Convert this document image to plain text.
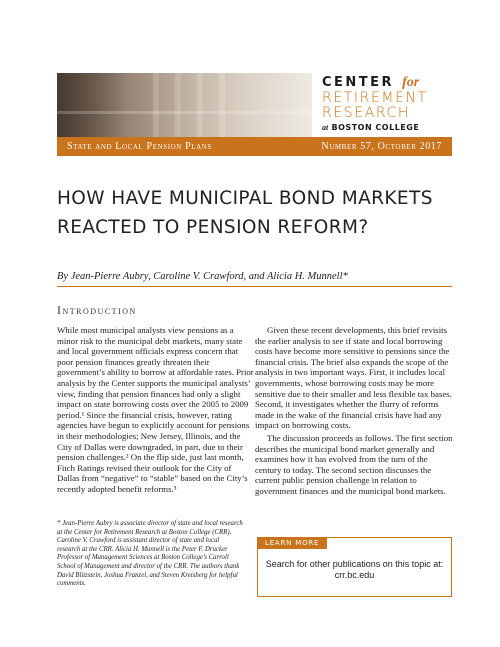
CENTER for
RETIREMENT
RESEARCH
at BOSTON COLLEGE
State and Local Pension Plans	Number 57, October 2017
HOW HAVE MUNICIPAL BOND MARKETS REACTED TO PENSION REFORM?
By Jean-Pierre Aubry, Caroline V. Crawford, and Alicia H. Munnell*
Introduction

While most municipal analysts view pensions as a minor risk to the municipal debt markets, many state and local government officials express concern that poor pension finances greatly threaten their government’s ability to borrow at affordable rates. Prior analysis by the Center supports the municipal analysts’ view, finding that pension finances had only a slight impact on state borrowing costs over the 2005 to 2009 period.¹ Since the financial crisis, however, rating agencies have begun to explicitly account for pensions in their methodologies; New Jersey, Illinois, and the City of Dallas were downgraded, in part, due to their pension challenges.² On the flip side, just last month, Fitch Ratings revised their outlook for the City of Dallas from “negative” to “stable” based on the City’s recently adopted benefit reforms.³

Given these recent developments, this brief revisits the earlier analysis to see if state and local borrowing costs have become more sensitive to pensions since the financial crisis. The brief also expands the scope of the analysis in two important ways. First, it includes local governments, whose borrowing costs may be more sensitive due to their smaller and less flexible tax bases. Second, it investigates whether the flurry of reforms made in the wake of the financial crisis have had any impact on borrowing costs.

The discussion proceeds as follows. The first section describes the municipal bond market generally and examines how it has evolved from the turn of the century to today. The second section discusses the current public pension challenge in relation to government finances and the municipal bond markets.

* Jean-Pierre Aubry is associate director of state and local research at the Center for Retirement Research at Boston College (CRR). Caroline V. Crawford is assistant director of state and local research at the CRR. Alicia H. Munnell is the Peter F. Drucker Professor of Management Sciences at Boston College’s Carroll School of Management and director of the CRR. The authors thank David Blitzstein, Joshua Franzel, and Steven Kreisberg for helpful comments.
LEARN MORE
Search for other publications on this topic at:
crr.bc.edu
